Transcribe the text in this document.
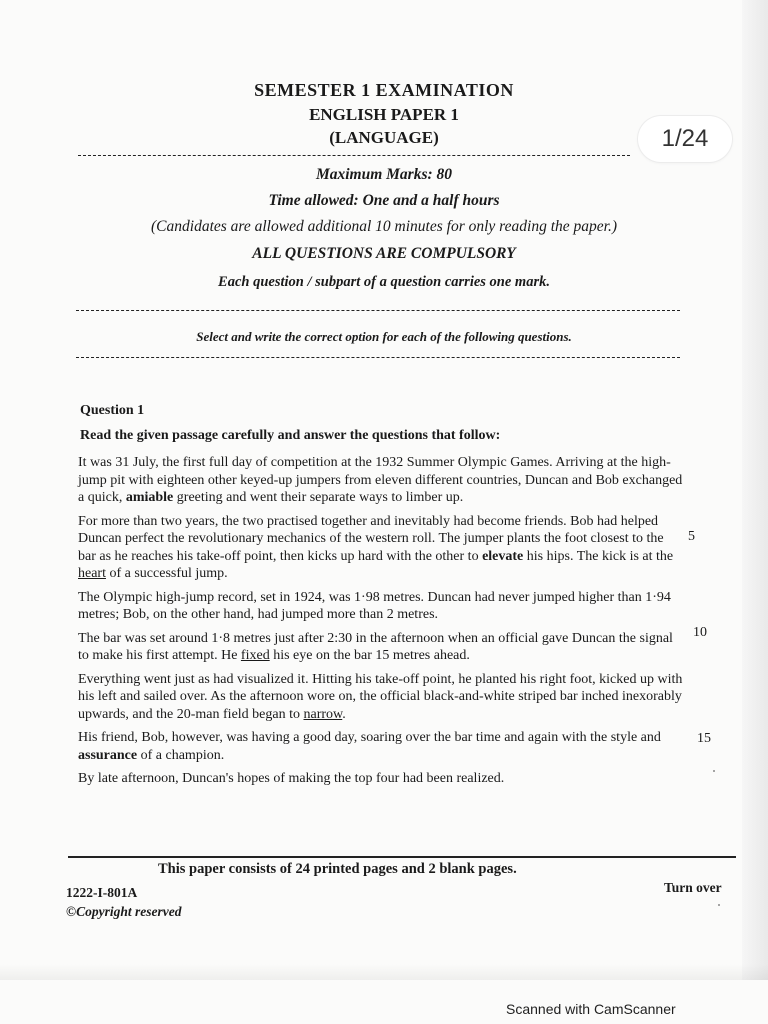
SEMESTER 1 EXAMINATION
ENGLISH PAPER 1
(LANGUAGE)	1/24
Maximum Marks: 80
Time allowed: One and a half hours
(Candidates are allowed additional 10 minutes for only reading the paper.)
ALL QUESTIONS ARE COMPULSORY
Each question / subpart of a question carries one mark.
Select and write the correct option for each of the following questions.
Question 1
Read the given passage carefully and answer the questions that follow:

It was 31 July, the first full day of competition at the 1932 Summer Olympic Games. Arriving at the high-jump pit with eighteen other keyed-up jumpers from eleven different countries, Duncan and Bob exchanged a quick, amiable greeting and went their separate ways to limber up.

For more than two years, the two practised together and inevitably had become friends. Bob had helped Duncan perfect the revolutionary mechanics of the western roll. The jumper plants the foot closest to the bar as he reaches his take-off point, then kicks up hard with the other to elevate his hips. The kick is at the heart of a successful jump.

The Olympic high-jump record, set in 1924, was 1·98 metres. Duncan had never jumped higher than 1·94 metres; Bob, on the other hand, had jumped more than 2 metres.

The bar was set around 1·8 metres just after 2:30 in the afternoon when an official gave Duncan the signal to make his first attempt. He fixed his eye on the bar 15 metres ahead.

Everything went just as had visualized it. Hitting his take-off point, he planted his right foot, kicked up with his left and sailed over. As the afternoon wore on, the official black-and-white striped bar inched inexorably upwards, and the 20-man field began to narrow.

His friend, Bob, however, was having a good day, soaring over the bar time and again with the style and assurance of a champion.

By late afternoon, Duncan's hopes of making the top four had been realized.

5
10
15
This paper consists of 24 printed pages and 2 blank pages.
Turn over
1222-I-801A
©Copyright reserved
Scanned with CamScanner
